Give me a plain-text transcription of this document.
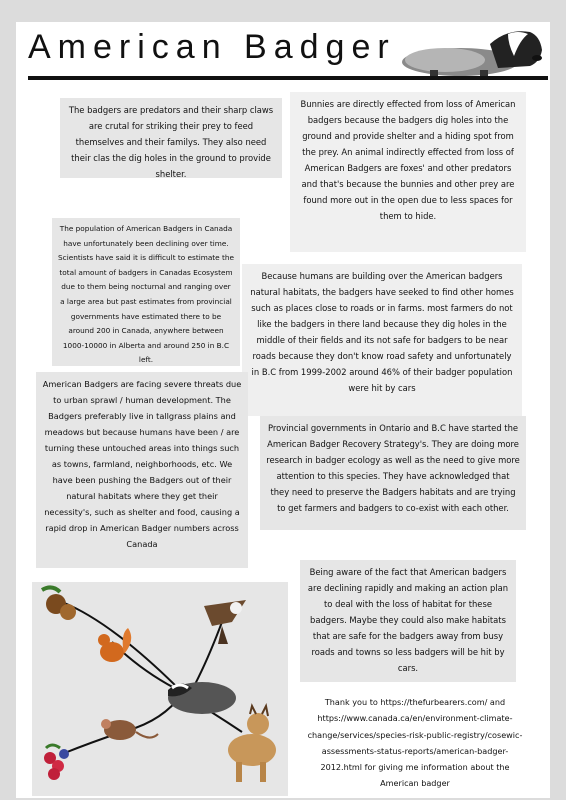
American Badger
The badgers are predators and their sharp claws are crutal for striking their prey to feed themselves and their familys. They also need their clas the dig holes in the ground to provide shelter.
Bunnies are directly effected from loss of American badgers because the badgers dig holes into the ground and provide shelter and a hiding spot from the prey. An animal indirectly effected from loss of American Badgers are foxes' and other predators and that's because the bunnies and other prey are found more out in the open due to less spaces for them to hide.
The population of American Badgers in Canada have unfortunately been declining over time. Scientists have said it is difficult to estimate the total amount of badgers in Canadas Ecosystem due to them being nocturnal and ranging over a large area but past estimates from provincial governments have estimated there to be around 200 in Canada, anywhere between 1000-10000 in Alberta and around 250 in B.C left.
Because humans are building over the American badgers natural habitats, the badgers have seeked to find other homes such as places close to roads or in farms. most farmers do not like the badgers in there land because they dig holes in the middle of their fields and its not safe for badgers to be near roads because they don't know road safety and unfortunately in B.C from 1999-2002 around 46% of their badger population were hit by cars
American Badgers are facing severe threats due to urban sprawl / human development. The Badgers preferably live in tallgrass plains and meadows but because humans have been / are turning these untouched areas into things such as towns, farmland, neighborhoods, etc. We have been pushing the Badgers out of their natural habitats where they get their necessity's, such as shelter and food, causing a rapid drop in American Badger numbers across Canada
Provincial governments in Ontario and B.C have started the American Badger Recovery Strategy's. They are doing more research in badger ecology as well as the need to give more attention to this species. They have acknowledged that they need to preserve the Badgers habitats and are trying to get farmers and badgers to co-exist with each other.
Being aware of the fact that American badgers are declining rapidly and making an action plan to deal with the loss of habitat for these badgers. Maybe they could also make habitats that are safe for the badgers away from busy roads and towns so less badgers will be hit by cars.
Thank you to https://thefurbearers.com/ and https://www.canada.ca/en/environment-climate-change/services/species-risk-public-registry/cosewic-assessments-status-reports/american-badger-2012.html for giving me information about the American badger
